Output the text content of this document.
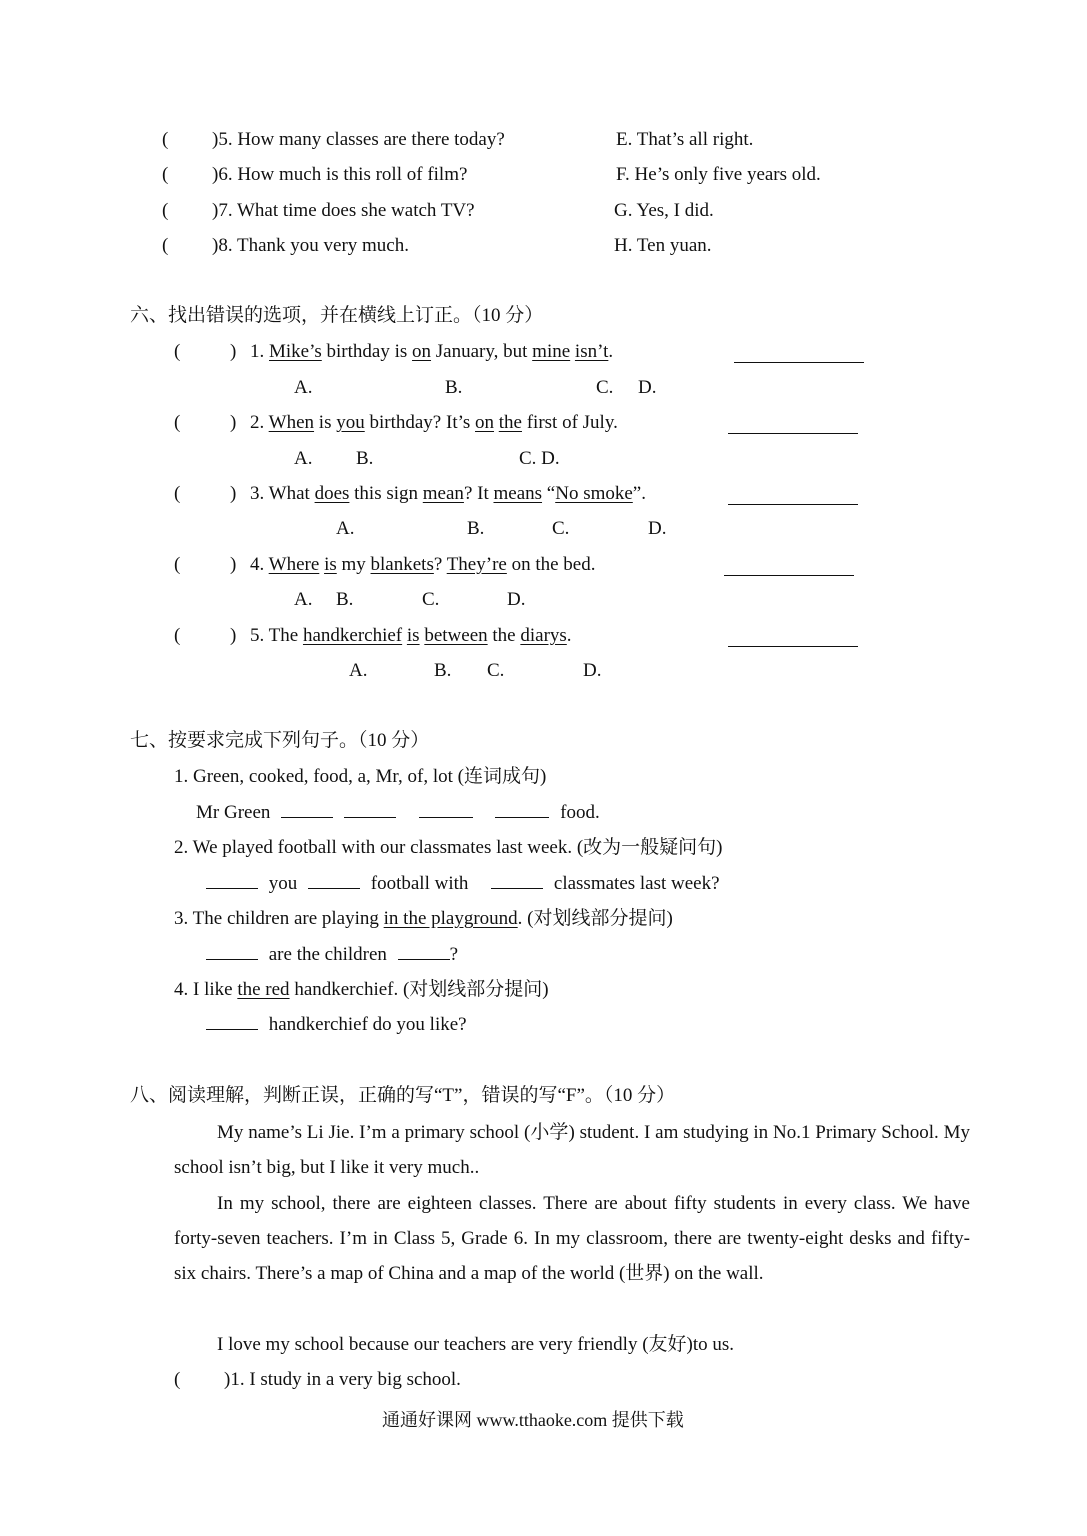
( )5. How many classes are there today?	E. That’s all right.
( )6. How much is this roll of film?	F. He’s only five years old.
( )7. What time does she watch TV?	G. Yes, I did.
( )8. Thank you very much.	H. Ten yuan.
六、找出错误的选项，并在横线上订正。（10 分）
(	) 1. Mike’s birthday is on January, but mine isn’t.
A.	B.	C. D.
(	) 2. When is you birthday? It’s on the first of July.
A. B.	C. D.
(	) 3. What does this sign mean? It means “No smoke”.
A.	B.	C.	D.
(	) 4. Where is my blankets? They’re on the bed.
A. B.	C.	D.
(	) 5. The handkerchief is between the diarys.
A.	B. C.	D.
七、按要求完成下列句子。（10 分）
1. Green, cooked, food, a, Mr, of, lot (连词成句)
Mr Green	food.
2. We played football with our classmates last week. (改为一般疑问句)
you	football with	classmates last week?
3. The children are playing in the playground. (对划线部分提问)
are the children	?
4. I like the red handkerchief. (对划线部分提问)
handkerchief do you like?
八、阅读理解，判断正误，正确的写“T”，错误的写“F”。（10 分）
My name’s Li Jie. I’m a primary school (小学) student. I am studying in No.1 Primary School. My school isn’t big, but I like it very much..
In my school, there are eighteen classes. There are about fifty students in every class. We have forty-seven teachers. I’m in Class 5, Grade 6. In my classroom, there are twenty-eight desks and fifty-six chairs. There’s a map of China and a map of the world (世界) on the wall.
I love my school because our teachers are very friendly (友好)to us.
( )1. I study in a very big school.
通通好课网 www.tthaoke.com 提供下载
